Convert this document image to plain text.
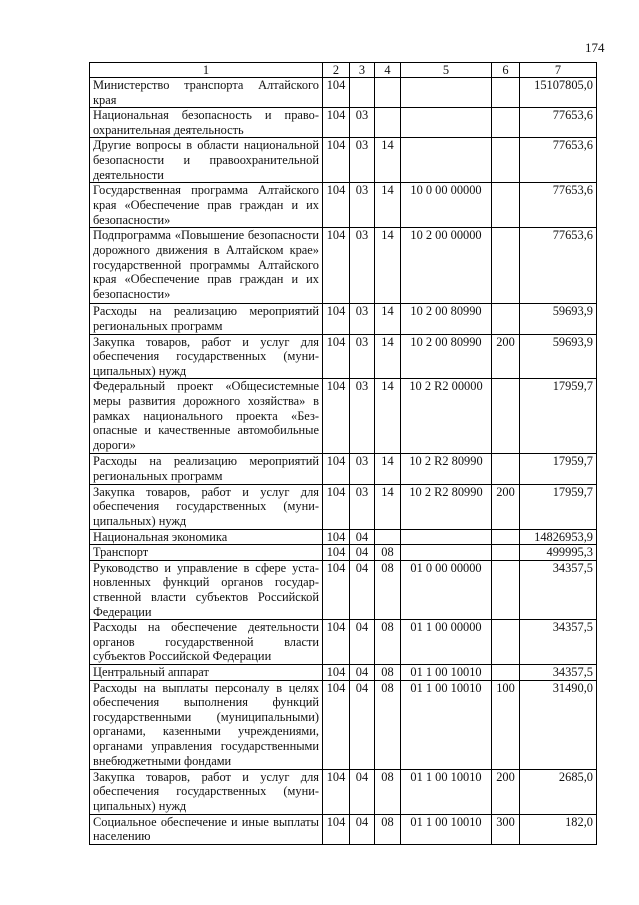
174
1	2	3	4	5	6	7
Министерство транспорта Алтайского края	104					15107805,0
Национальная безопасность и правоохранительная деятельность	104	03				77653,6
Другие вопросы в области национальной безопасности и правоохранительной деятельности	104	03	14			77653,6
Государственная программа Алтайского края «Обеспечение прав граждан и их безопасности»	104	03	14	10 0 00 00000		77653,6
Подпрограмма «Повышение безопасности дорожного движения в Алтайском крае» государственной программы Алтайского края «Обеспечение прав граждан и их безопасности»	104	03	14	10 2 00 00000		77653,6
Расходы на реализацию мероприятий региональных программ	104	03	14	10 2 00 80990		59693,9
Закупка товаров, работ и услуг для обеспечения государственных (муниципальных) нужд	104	03	14	10 2 00 80990	200	59693,9
Федеральный проект «Общесистемные меры развития дорожного хозяйства» в рамках национального проекта «Безопасные и качественные автомобильные дороги»	104	03	14	10 2 R2 00000		17959,7
Расходы на реализацию мероприятий региональных программ	104	03	14	10 2 R2 80990		17959,7
Закупка товаров, работ и услуг для обеспечения государственных (муниципальных) нужд	104	03	14	10 2 R2 80990	200	17959,7
Национальная экономика	104	04				14826953,9
Транспорт	104	04	08			499995,3
Руководство и управление в сфере установленных функций органов государственной власти субъектов Российской Федерации	104	04	08	01 0 00 00000		34357,5
Расходы на обеспечение деятельности органов государственной власти субъектов Российской Федерации	104	04	08	01 1 00 00000		34357,5
Центральный аппарат	104	04	08	01 1 00 10010		34357,5
Расходы на выплаты персоналу в целях обеспечения выполнения функций государственными (муниципальными) органами, казенными учреждениями, органами управления государственными внебюджетными фондами	104	04	08	01 1 00 10010	100	31490,0
Закупка товаров, работ и услуг для обеспечения государственных (муниципальных) нужд	104	04	08	01 1 00 10010	200	2685,0
Социальное обеспечение и иные выплаты населению	104	04	08	01 1 00 10010	300	182,0
